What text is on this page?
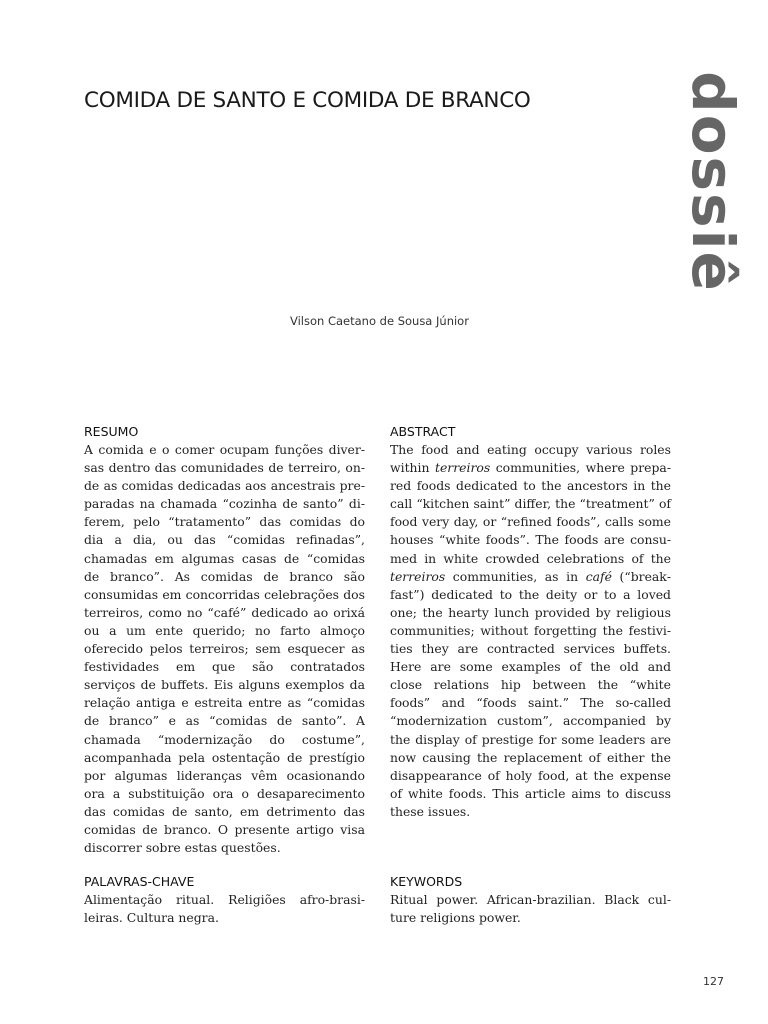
COMIDA DE SANTO E COMIDA DE BRANCO	dossiê
Vilson Caetano de Sousa Júnior
RESUMO

A comida e o comer ocupam funções diversas dentro das comunidades de terreiro, onde as comidas dedicadas aos ancestrais preparadas na chamada “cozinha de santo” diferem, pelo “tratamento” das comidas do dia a dia, ou das “comidas refinadas”, chamadas em algumas casas de “comidas de branco”. As comidas de branco são consumidas em concorridas celebrações dos terreiros, como no “café” dedicado ao orixá ou a um ente querido; no farto almoço oferecido pelos terreiros; sem esquecer as festividades em que são contratados serviços de buffets. Eis alguns exemplos da relação antiga e estreita entre as “comidas de branco” e as “comidas de santo”. A chamada “modernização do costume”, acompanhada pela ostentação de prestígio por algumas lideranças vêm ocasionando ora a substituição ora o desaparecimento das comidas de santo, em detrimento das comidas de branco. O presente artigo visa discorrer sobre estas questões.

ABSTRACT

The food and eating occupy various roles within terreiros communities, where prepared foods dedicated to the ancestors in the call “kitchen saint” differ, the “treatment” of food very day, or “refined foods”, calls some houses “white foods”. The foods are consumed in white crowded celebrations of the terreiros communities, as in café (“breakfast”) dedicated to the deity or to a loved one; the hearty lunch provided by religious communities; without forgetting the festivities they are contracted services buffets. Here are some examples of the old and close relations hip between the “white foods” and “foods saint.” The so-called “modernization custom”, accompanied by the display of prestige for some leaders are now causing the replacement of either the disappearance of holy food, at the expense of white foods. This article aims to discuss these issues.

PALAVRAS-CHAVE

Alimentação ritual. Religiões afro-brasileiras. Cultura negra.

KEYWORDS

Ritual power. African-brazilian. Black culture religions power.

127
